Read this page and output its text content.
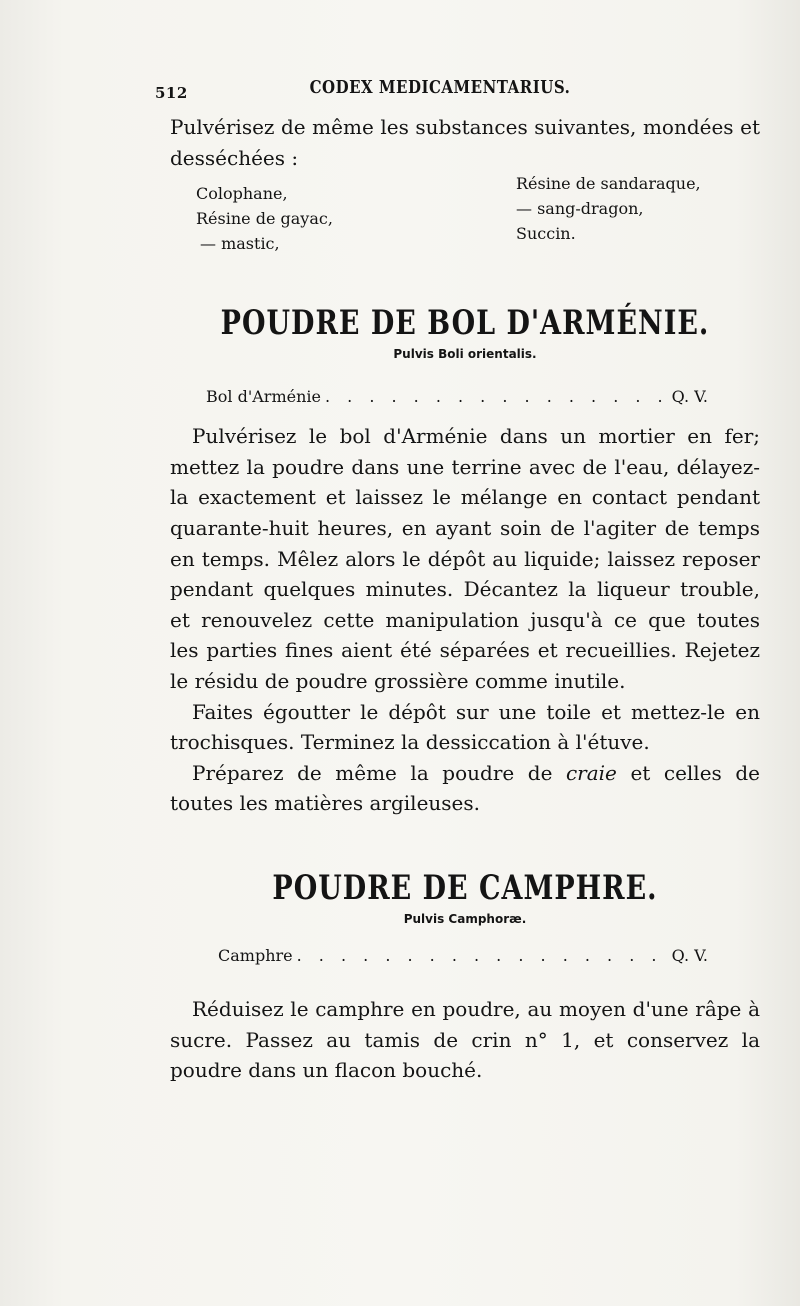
512	CODEX MEDICAMENTARIUS.

Pulvérisez de même les substances suivantes, mondées et desséchées :

Colophane,
Résine de gayac,
— mastic,
Résine de sandaraque,
— sang-dragon,
Succin.
POUDRE DE BOL D'ARMÉNIE.

Pulvis Boli orientalis.

Bol d'Arménie . . .	Q. V.

Pulvérisez le bol d'Arménie dans un mortier en fer; mettez la poudre dans une terrine avec de l'eau, délayez-la exactement et laissez le mélange en contact pendant quarante-huit heures, en ayant soin de l'agiter de temps en temps. Mêlez alors le dépôt au liquide; laissez reposer pendant quelques minutes. Décantez la liqueur trouble, et renouvelez cette manipulation jusqu'à ce que toutes les parties fines aient été séparées et recueillies. Rejetez le résidu de poudre grossière comme inutile.

Faites égoutter le dépôt sur une toile et mettez-le en trochisques. Terminez la dessiccation à l'étuve.

Préparez de même la poudre de craie et celles de toutes les matières argileuses.

POUDRE DE CAMPHRE.

Pulvis Camphoræ.

Camphre . . .	Q. V.

Réduisez le camphre en poudre, au moyen d'une râpe à sucre. Passez au tamis de crin n° 1, et conservez la poudre dans un flacon bouché.
